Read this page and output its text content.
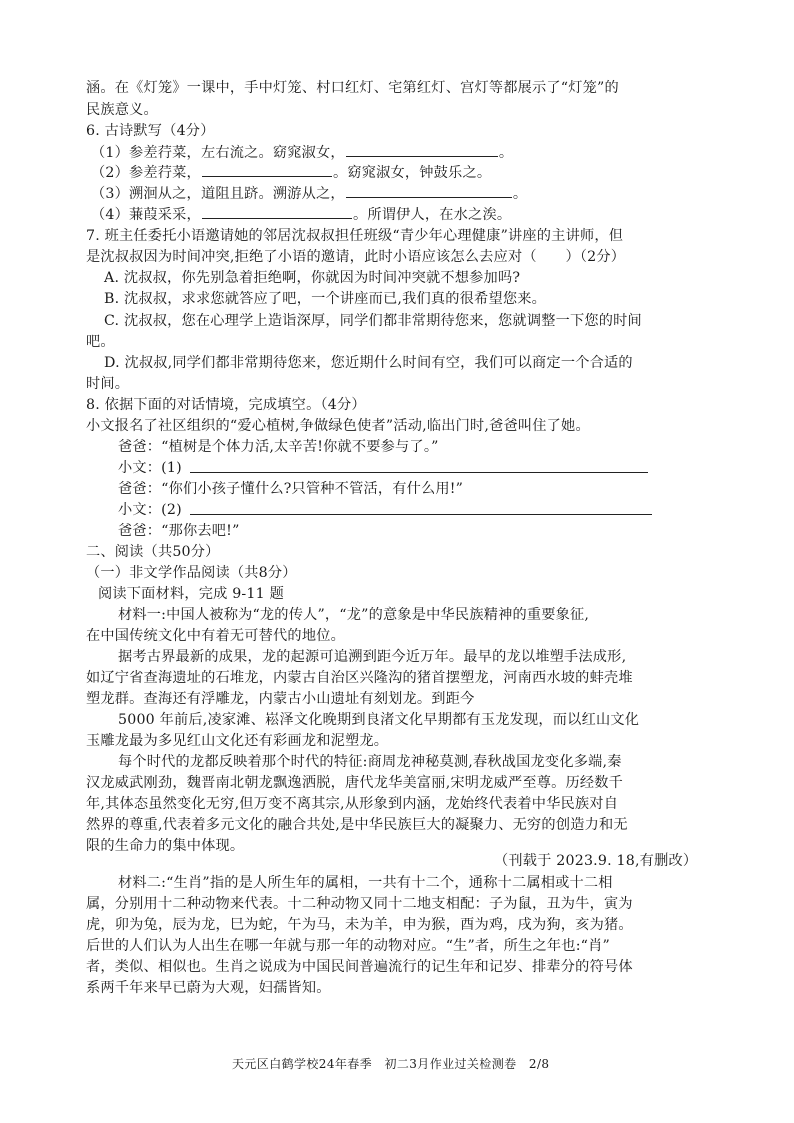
涵。在《灯笼》一课中，手中灯笼、村口红灯、宅第红灯、宫灯等都展示了“灯笼”的
民族意义。
6. 古诗默写（4分）
（1）参差荇菜，左右流之。窈窕淑女，	。
（2）参差荇菜，	。窈窕淑女，钟鼓乐之。
（3）溯洄从之，道阻且跻。溯游从之，	。
（4）蒹葭采采，	。所谓伊人，在水之涘。
7. 班主任委托小语邀请她的邻居沈叔叔担任班级“青少年心理健康”讲座的主讲师，但
是沈叔叔因为时间冲突,拒绝了小语的邀请，此时小语应该怎么去应对（　　）（2分）
A. 沈叔叔，你先别急着拒绝啊，你就因为时间冲突就不想参加吗?
B. 沈叔叔，求求您就答应了吧，一个讲座而已,我们真的很希望您来。
C. 沈叔叔，您在心理学上造诣深厚，同学们都非常期待您来，您就调整一下您的时间
吧。
D. 沈叔叔,同学们都非常期待您来，您近期什么时间有空，我们可以商定一个合适的
时间。
8. 依据下面的对话情境，完成填空。（4分）
小文报名了社区组织的“爱心植树,争做绿色使者”活动,临出门时,爸爸叫住了她。
爸爸：“植树是个体力活,太辛苦!你就不要参与了。”
小文：(1)
爸爸：“你们小孩子懂什么?只管种不管活，有什么用!”
小文：(2)
爸爸：“那你去吧!”
二、阅读（共50分）
（一）非文学作品阅读（共8分）
阅读下面材料，完成 9-11 题
材料一:中国人被称为“龙的传人”，“龙”的意象是中华民族精神的重要象征,
在中国传统文化中有着无可替代的地位。
据考古界最新的成果，龙的起源可追溯到距今近万年。最早的龙以堆塑手法成形,
如辽宁省查海遗址的石堆龙，内蒙古自治区兴隆沟的猪首摆塑龙，河南西水坡的蚌壳堆
塑龙群。查海还有浮雕龙，内蒙古小山遗址有刻划龙。到距今
5000 年前后,凌家滩、崧泽文化晚期到良渚文化早期都有玉龙发现，而以红山文化
玉雕龙最为多见红山文化还有彩画龙和泥塑龙。
每个时代的龙都反映着那个时代的特征:商周龙神秘莫测,春秋战国龙变化多端,秦
汉龙威武刚劲，魏晋南北朝龙飘逸洒脱，唐代龙华美富丽,宋明龙威严至尊。历经数千
年,其体态虽然变化无穷,但万变不离其宗,从形象到内涵，龙始终代表着中华民族对自
然界的尊重,代表着多元文化的融合共处,是中华民族巨大的凝聚力、无穷的创造力和无
限的生命力的集中体现。
（刊载于 2023.9. 18,有删改）
材料二:“生肖”指的是人所生年的属相，一共有十二个，通称十二属相或十二相
属，分别用十二种动物来代表。十二种动物又同十二地支相配：子为鼠，丑为牛，寅为
虎，卯为兔，辰为龙，巳为蛇，午为马，未为羊，申为猴，酉为鸡，戌为狗，亥为猪。
后世的人们认为人出生在哪一年就与那一年的动物对应。“生”者，所生之年也:“肖”
者，类似、相似也。生肖之说成为中国民间普遍流行的记生年和记岁、排辈分的符号体
系两千年来早已蔚为大观，妇孺皆知。
天元区白鹤学校24年春季　初二3月作业过关检测卷　2/8
